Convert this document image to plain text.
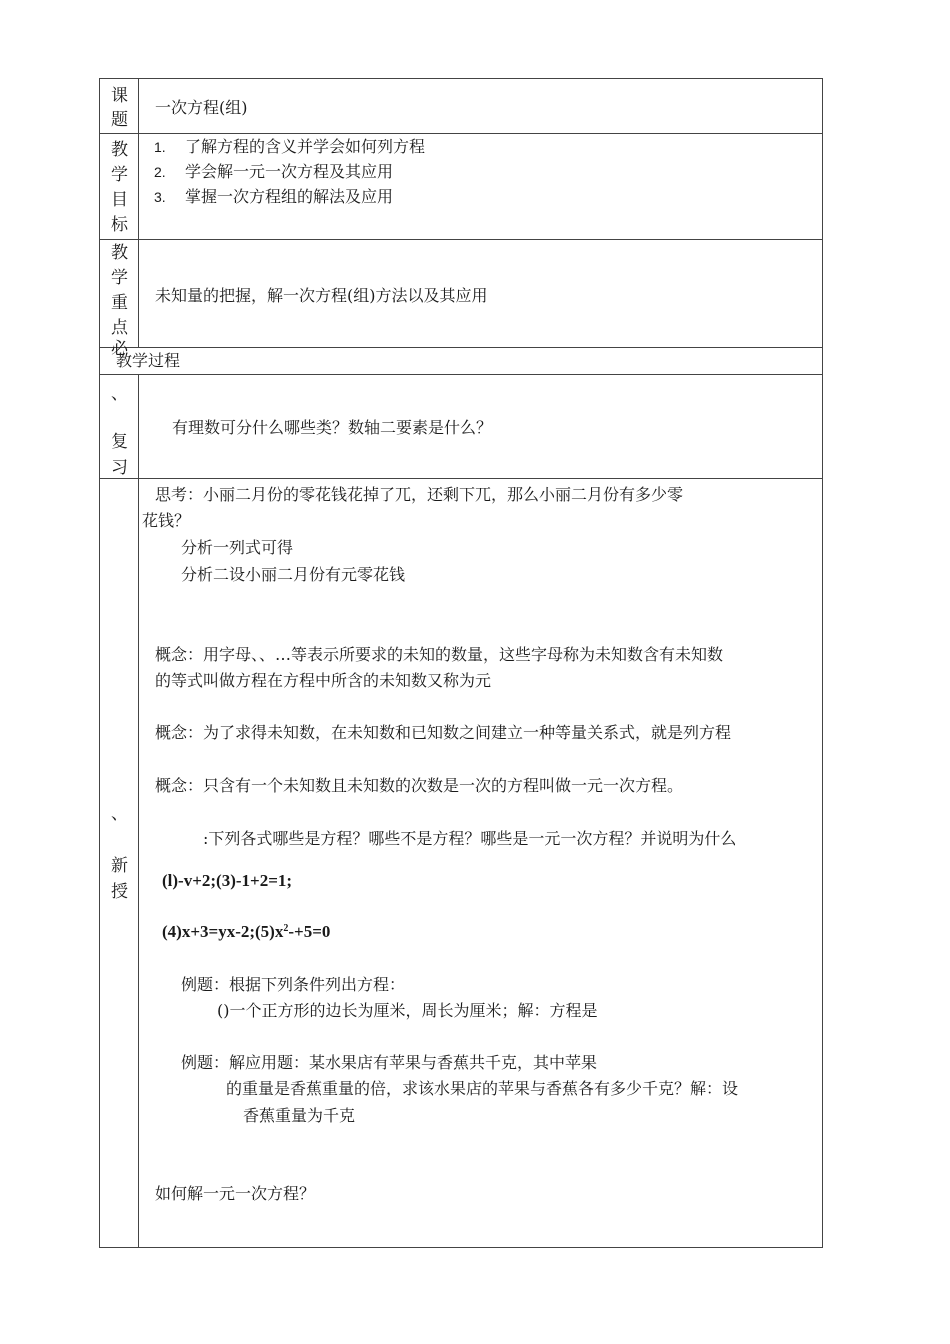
课
题
一次方程(组)
教
学
目
标
1. 了解方程的含义并学会如何列方程
2. 学会解一元一次方程及其应用
3. 掌握一次方程组的解法及应用
教
学
重
点
必
未知量的把握，解一次方程(组)方法以及其应用
教学过程
、
复
习
有理数可分什么哪些类？数轴二要素是什么？
、
新
授
思考：小丽二月份的零花钱花掉了兀，还剩下兀，那么小丽二月份有多少零
花钱？
分析一列式可得
分析二设小丽二月份有元零花钱
概念：用字母、、…等表示所要求的未知的数量，这些字母称为未知数含有未知数
的等式叫做方程在方程中所含的未知数又称为元
概念：为了求得未知数，在未知数和已知数之间建立一种等量关系式，就是列方程
概念：只含有一个未知数且未知数的次数是一次的方程叫做一元一次方程。
:下列各式哪些是方程？哪些不是方程？哪些是一元一次方程？并说明为什么
(l)-v+2;(3)-1+2=1;
$(4)x+3=yx-2;(5)x^2-+5=0$
例题：根据下列条件列出方程：
()一个正方形的边长为厘米，周长为厘米；解：方程是
例题：解应用题：某水果店有苹果与香蕉共千克，其中苹果
的重量是香蕉重量的倍，求该水果店的苹果与香蕉各有多少千克？解：设
香蕉重量为千克
如何解一元一次方程？
